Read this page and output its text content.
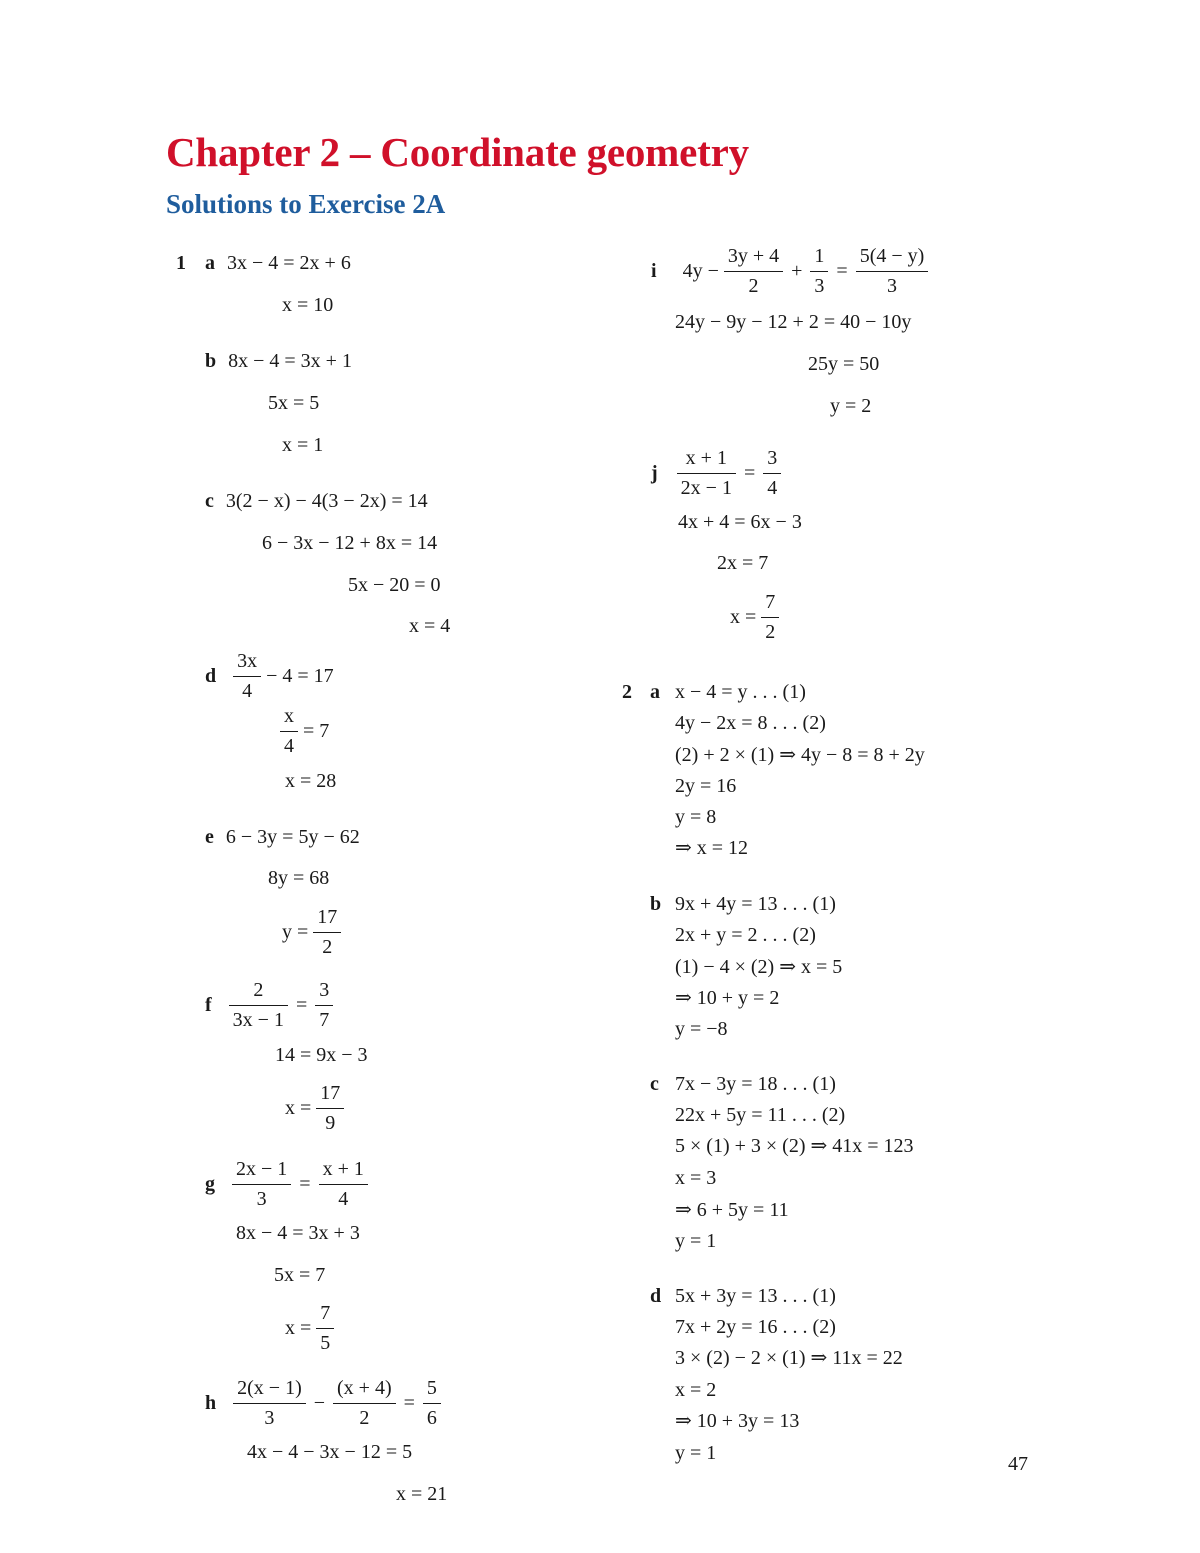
Chapter 2 – Coordinate geometry
Solutions to Exercise 2A
1 a 3x − 4 = 2x + 6
x = 10
b 8x − 4 = 3x + 1
5x = 5
x = 1
c 3(2 − x) − 4(3 − 2x) = 14
6 − 3x − 12 + 8x = 14
5x − 20 = 0
x = 4
d $\frac{3x}{4} - 4 = 17$
$\frac{x}{4} = 7$
x = 28
e 6 − 3y = 5y − 62
8y = 68
$y = \frac{17}{2}$
f $\frac{2}{3x - 1} = \frac{3}{7}$
14 = 9x − 3
$x = \frac{17}{9}$
g $\frac{2x - 1}{3} = \frac{x + 1}{4}$
8x − 4 = 3x + 3
5x = 7
$x = \frac{7}{5}$
h $\frac{2(x - 1)}{3} - \frac{(x + 4)}{2} = \frac{5}{6}$
4x − 4 − 3x − 12 = 5
x = 21
i $4y - \frac{3y + 4}{2} + \frac{1}{3} = \frac{5(4 - y)}{3}$
24y − 9y − 12 + 2 = 40 − 10y
25y = 50
y = 2
j $\frac{x + 1}{2x - 1} = \frac{3}{4}$
4x + 4 = 6x − 3
2x = 7
$x = \frac{7}{2}$
2 a x − 4 = y . . . (1)
4y − 2x = 8 . . . (2)
(2) + 2 × (1) ⇒ 4y − 8 = 8 + 2y
2y = 16
y = 8
⇒ x = 12
b 9x + 4y = 13 . . . (1)
2x + y = 2 . . . (2)
(1) − 4 × (2) ⇒ x = 5
⇒ 10 + y = 2
y = −8
c 7x − 3y = 18 . . . (1)
22x + 5y = 11 . . . (2)
5 × (1) + 3 × (2) ⇒ 41x = 123
x = 3
⇒ 6 + 5y = 11
y = 1
d 5x + 3y = 13 . . . (1)
7x + 2y = 16 . . . (2)
3 × (2) − 2 × (1) ⇒ 11x = 22
x = 2
⇒ 10 + 3y = 13
y = 1	47
